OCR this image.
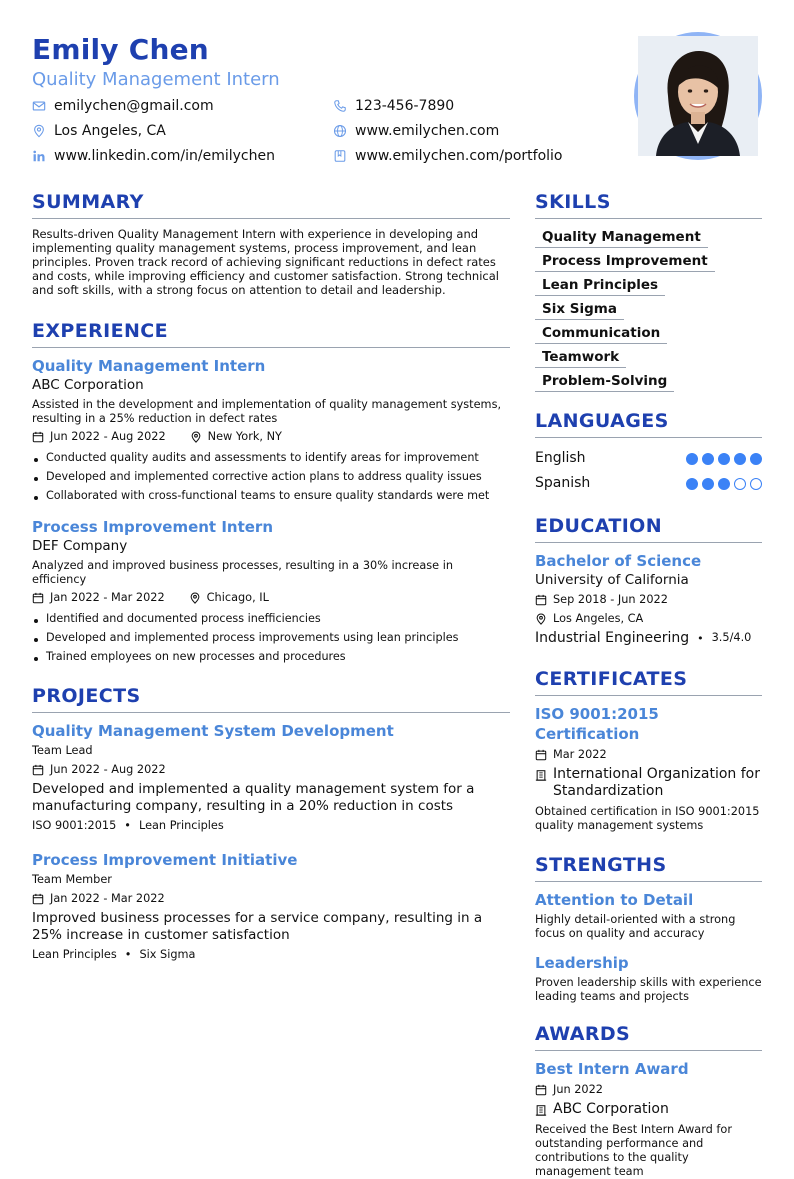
Emily Chen
Quality Management Intern
emilychen@gmail.com	123-456-7890
Los Angeles, CA	www.emilychen.com
www.linkedin.com/in/emilychen	www.emilychen.com/portfolio
SUMMARY
Results-driven Quality Management Intern with experience in developing and implementing quality management systems, process improvement, and lean principles. Proven track record of achieving significant reductions in defect rates and costs, while improving efficiency and customer satisfaction. Strong technical and soft skills, with a strong focus on attention to detail and leadership.
EXPERIENCE
Quality Management Intern
ABC Corporation
Assisted in the development and implementation of quality management systems, resulting in a 25% reduction in defect rates
Jun 2022 - Aug 2022	New York, NY
Conducted quality audits and assessments to identify areas for improvement
Developed and implemented corrective action plans to address quality issues
Collaborated with cross-functional teams to ensure quality standards were met
Process Improvement Intern
DEF Company
Analyzed and improved business processes, resulting in a 30% increase in efficiency
Jan 2022 - Mar 2022	Chicago, IL
Identified and documented process inefficiencies
Developed and implemented process improvements using lean principles
Trained employees on new processes and procedures
PROJECTS
Quality Management System Development
Team Lead
Jun 2022 - Aug 2022
Developed and implemented a quality management system for a manufacturing company, resulting in a 20% reduction in costs
ISO 9001:2015 • Lean Principles
Process Improvement Initiative
Team Member
Jan 2022 - Mar 2022
Improved business processes for a service company, resulting in a 25% increase in customer satisfaction
Lean Principles • Six Sigma
SKILLS
Quality Management
Process Improvement
Lean Principles
Six Sigma
Communication
Teamwork
Problem-Solving
LANGUAGES
English
Spanish
EDUCATION
Bachelor of Science
University of California
Sep 2018 - Jun 2022
Los Angeles, CA
Industrial Engineering • 3.5/4.0
CERTIFICATES
ISO 9001:2015 Certification
Mar 2022
International Organization for Standardization
Obtained certification in ISO 9001:2015 quality management systems
STRENGTHS
Attention to Detail
Highly detail-oriented with a strong focus on quality and accuracy
Leadership
Proven leadership skills with experience leading teams and projects
AWARDS
Best Intern Award
Jun 2022
ABC Corporation
Received the Best Intern Award for outstanding performance and contributions to the quality management team
